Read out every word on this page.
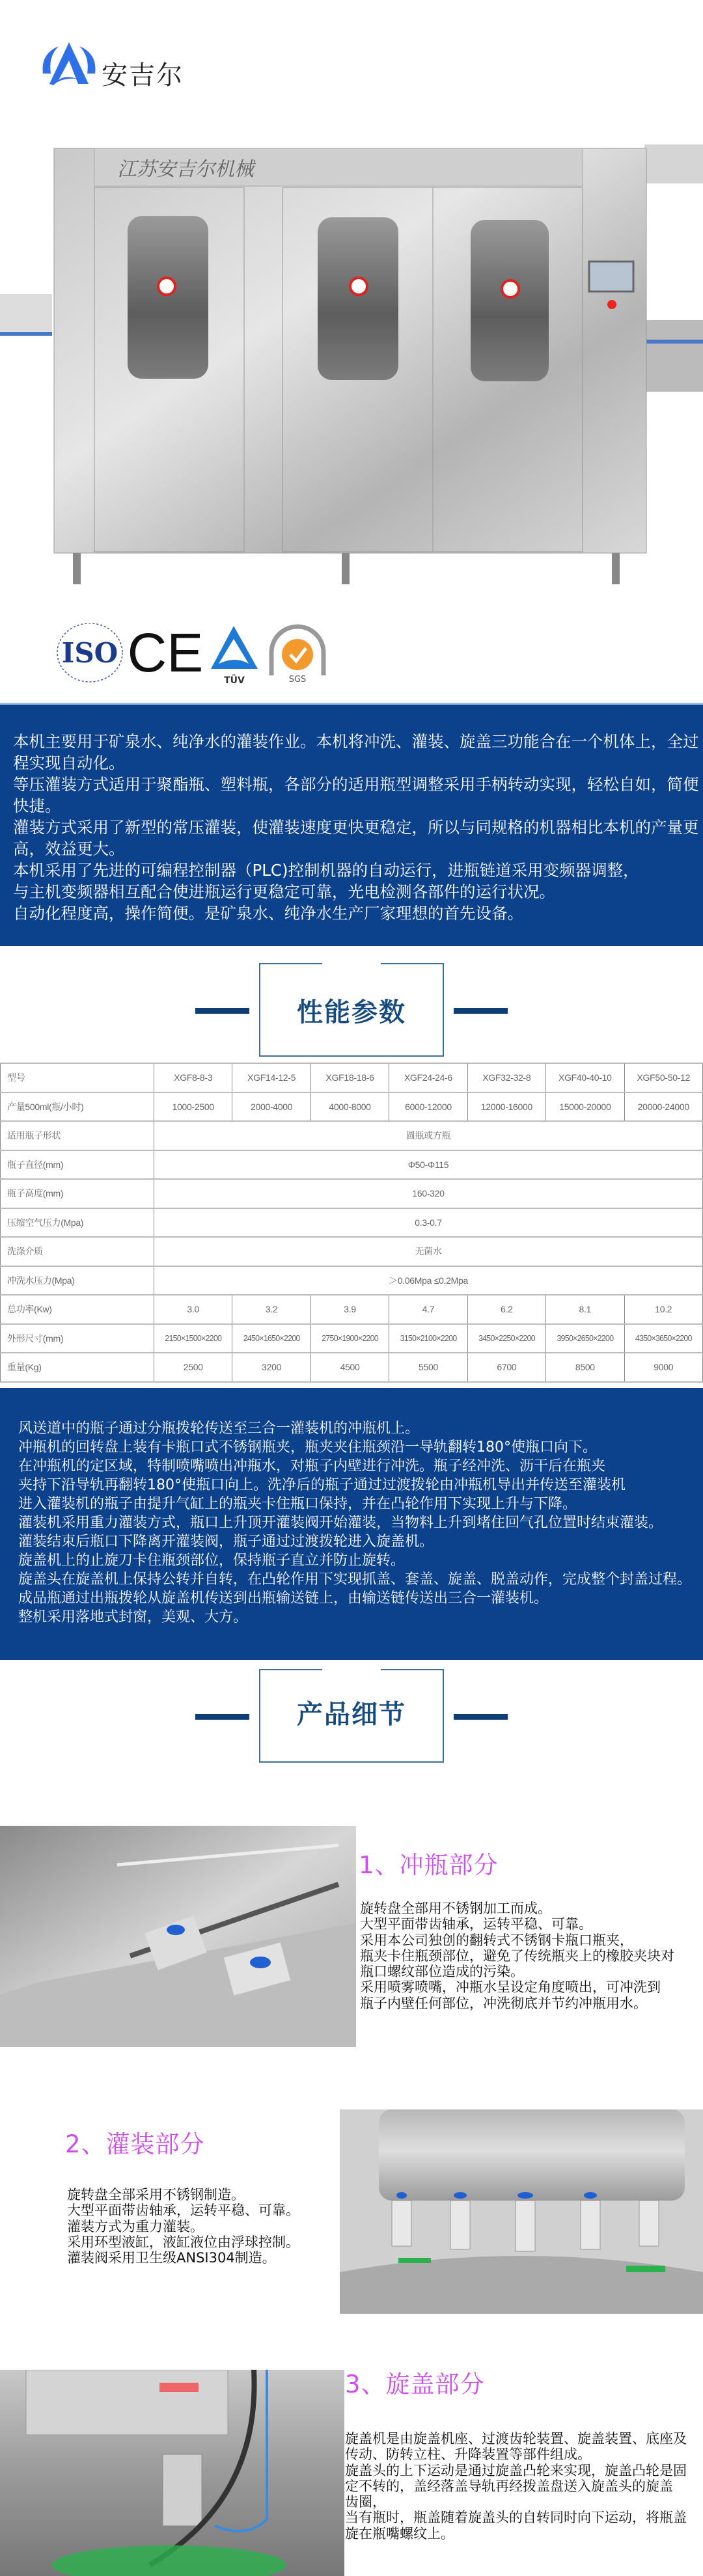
安吉尔
江苏安吉尔机械
ISO CE TÜV	SGS
本机主要用于矿泉水、纯净水的灌装作业。本机将冲洗、灌装、旋盖三功能合在一个机体上，全过程实现自动化。
等压灌装方式适用于聚酯瓶、塑料瓶，各部分的适用瓶型调整采用手柄转动实现，轻松自如，简便快捷。
灌装方式采用了新型的常压灌装，使灌装速度更快更稳定，所以与同规格的机器相比本机的产量更高，效益更大。
本机采用了先进的可编程控制器（PLC)控制机器的自动运行，进瓶链道采用变频器调整，
与主机变频器相互配合使进瓶运行更稳定可靠，光电检测各部件的运行状况。
自动化程度高，操作简便。是矿泉水、纯净水生产厂家理想的首先设备。
性能参数
型号	XGF8-8-3	XGF14-12-5	XGF18-18-6	XGF24-24-6	XGF32-32-8	XGF40-40-10	XGF50-50-12
产量500ml(瓶/小时)	1000-2500	2000-4000	4000-8000	6000-12000	12000-16000	15000-20000	20000-24000
适用瓶子形状	圆瓶或方瓶						
瓶子直径(mm)	Φ50-Φ115						
瓶子高度(mm)	160-320						
压缩空气压力(Mpa)	0.3-0.7						
洗涤介质	无菌水						
冲洗水压力(Mpa)	＞0.06Mpa ≤0.2Mpa						
总功率(Kw)	3.0	3.2	3.9	4.7	6.2	8.1	10.2
外形尺寸(mm)	2150×1500×2200	2450×1650×2200	2750×1900×2200	3150×2100×2200	3450×2250×2200	3950×2650×2200	4350×3650×2200
重量(Kg)	2500	3200	4500	5500	6700	8500	9000
风送道中的瓶子通过分瓶拨轮传送至三合一灌装机的冲瓶机上。
冲瓶机的回转盘上装有卡瓶口式不锈钢瓶夹，瓶夹夹住瓶颈沿一导轨翻转180°使瓶口向下。
在冲瓶机的定区域，特制喷嘴喷出冲瓶水，对瓶子内壁进行冲洗。瓶子经冲洗、沥干后在瓶夹
夹持下沿导轨再翻转180°使瓶口向上。洗净后的瓶子通过过渡拨轮由冲瓶机导出并传送至灌装机
进入灌装机的瓶子由提升气缸上的瓶夹卡住瓶口保持，并在凸轮作用下实现上升与下降。
灌装机采用重力灌装方式，瓶口上升顶开灌装阀开始灌装，当物料上升到堵住回气孔位置时结束灌装。
灌装结束后瓶口下降离开灌装阀，瓶子通过过渡拨轮进入旋盖机。
旋盖机上的止旋刀卡住瓶颈部位，保持瓶子直立并防止旋转。
旋盖头在旋盖机上保持公转并自转，在凸轮作用下实现抓盖、套盖、旋盖、脱盖动作，完成整个封盖过程。
成品瓶通过出瓶拨轮从旋盖机传送到出瓶输送链上，由输送链传送出三合一灌装机。
整机采用落地式封窗，美观、大方。
产品细节
1、冲瓶部分
旋转盘全部用不锈钢加工而成。
大型平面带齿轴承，运转平稳、可靠。
采用本公司独创的翻转式不锈钢卡瓶口瓶夹，
瓶夹卡住瓶颈部位，避免了传统瓶夹上的橡胶夹块对
瓶口螺纹部位造成的污染。
采用喷雾喷嘴，冲瓶水呈设定角度喷出，可冲洗到
瓶子内壁任何部位，冲洗彻底并节约冲瓶用水。
2、灌装部分
旋转盘全部采用不锈钢制造。
大型平面带齿轴承，运转平稳、可靠。
灌装方式为重力灌装。
采用环型液缸，液缸液位由浮球控制。
灌装阀采用卫生级ANSI304制造。
3、旋盖部分
旋盖机是由旋盖机座、过渡齿轮装置、旋盖装置、底座及
传动、防转立柱、升降装置等部件组成。
旋盖头的上下运动是通过旋盖凸轮来实现，旋盖凸轮是固
定不转的，盖经落盖导轨再经拨盖盘送入旋盖头的旋盖
齿圈，
当有瓶时，瓶盖随着旋盖头的自转同时向下运动，将瓶盖
旋在瓶嘴螺纹上。
